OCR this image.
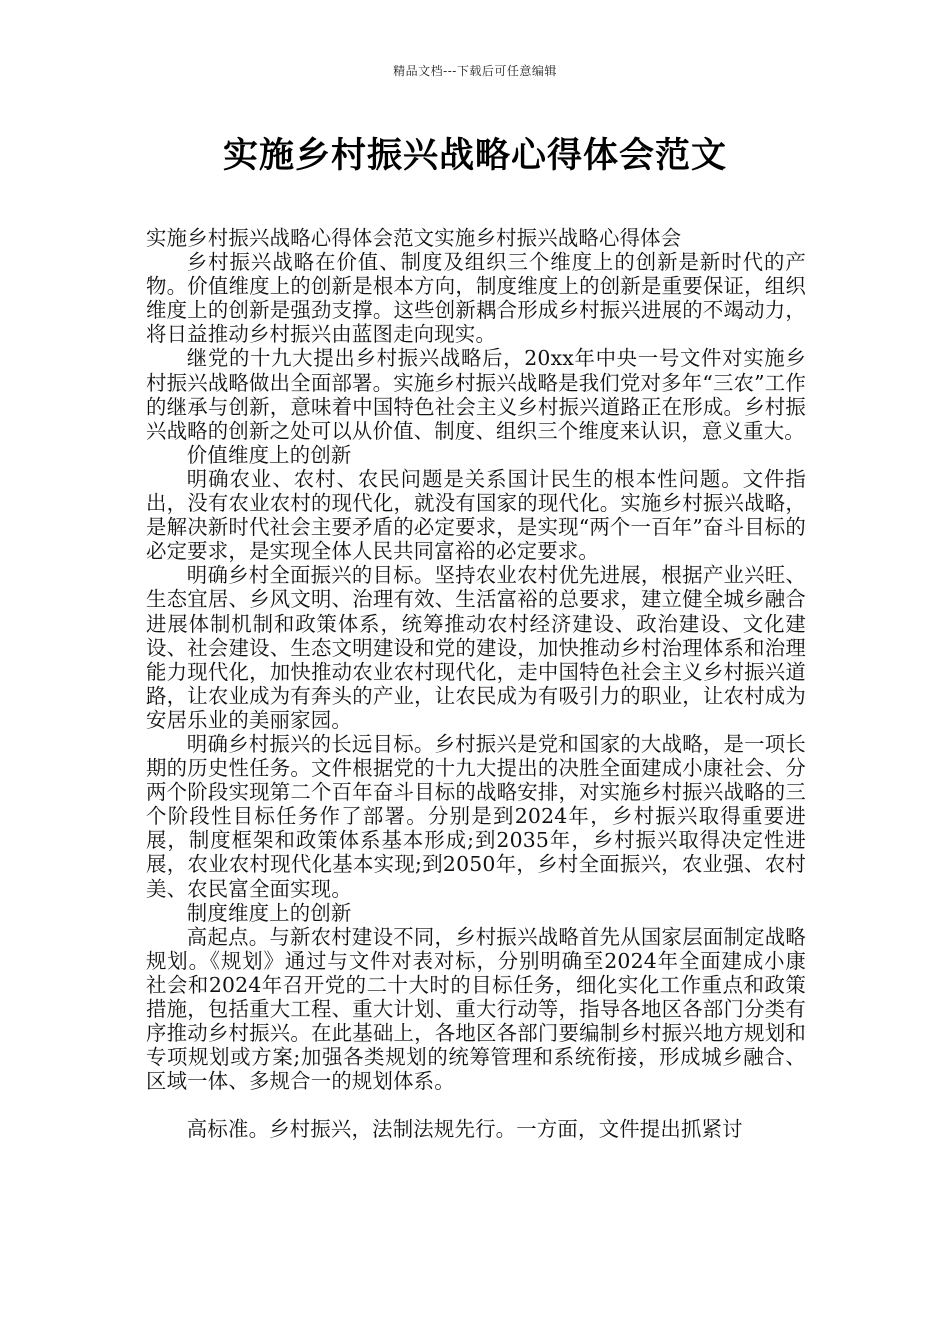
精品文档---下载后可任意编辑
实施乡村振兴战略心得体会范文

实施乡村振兴战略心得体会范文实施乡村振兴战略心得体会

乡村振兴战略在价值、制度及组织三个维度上的创新是新时代的产物。价值维度上的创新是根本方向，制度维度上的创新是重要保证，组织维度上的创新是强劲支撑。这些创新耦合形成乡村振兴进展的不竭动力，将日益推动乡村振兴由蓝图走向现实。

继党的十九大提出乡村振兴战略后，20xx年中央一号文件对实施乡村振兴战略做出全面部署。实施乡村振兴战略是我们党对多年“三农”工作的继承与创新，意味着中国特色社会主义乡村振兴道路正在形成。乡村振兴战略的创新之处可以从价值、制度、组织三个维度来认识，意义重大。

价值维度上的创新

明确农业、农村、农民问题是关系国计民生的根本性问题。文件指出，没有农业农村的现代化，就没有国家的现代化。实施乡村振兴战略，是解决新时代社会主要矛盾的必定要求，是实现“两个一百年”奋斗目标的必定要求，是实现全体人民共同富裕的必定要求。

明确乡村全面振兴的目标。坚持农业农村优先进展，根据产业兴旺、生态宜居、乡风文明、治理有效、生活富裕的总要求，建立健全城乡融合进展体制机制和政策体系，统筹推动农村经济建设、政治建设、文化建设、社会建设、生态文明建设和党的建设，加快推动乡村治理体系和治理能力现代化，加快推动农业农村现代化，走中国特色社会主义乡村振兴道路，让农业成为有奔头的产业，让农民成为有吸引力的职业，让农村成为安居乐业的美丽家园。

明确乡村振兴的长远目标。乡村振兴是党和国家的大战略，是一项长期的历史性任务。文件根据党的十九大提出的决胜全面建成小康社会、分两个阶段实现第二个百年奋斗目标的战略安排，对实施乡村振兴战略的三个阶段性目标任务作了部署。分别是到2024年，乡村振兴取得重要进展，制度框架和政策体系基本形成;到2035年，乡村振兴取得决定性进展，农业农村现代化基本实现;到2050年，乡村全面振兴，农业强、农村美、农民富全面实现。

制度维度上的创新

高起点。与新农村建设不同，乡村振兴战略首先从国家层面制定战略规划。《规划》通过与文件对表对标，分别明确至2024年全面建成小康社会和2024年召开党的二十大时的目标任务，细化实化工作重点和政策措施，包括重大工程、重大计划、重大行动等，指导各地区各部门分类有序推动乡村振兴。在此基础上，各地区各部门要编制乡村振兴地方规划和专项规划或方案;加强各类规划的统筹管理和系统衔接，形成城乡融合、区域一体、多规合一的规划体系。

高标准。乡村振兴，法制法规先行。一方面，文件提出抓紧讨
